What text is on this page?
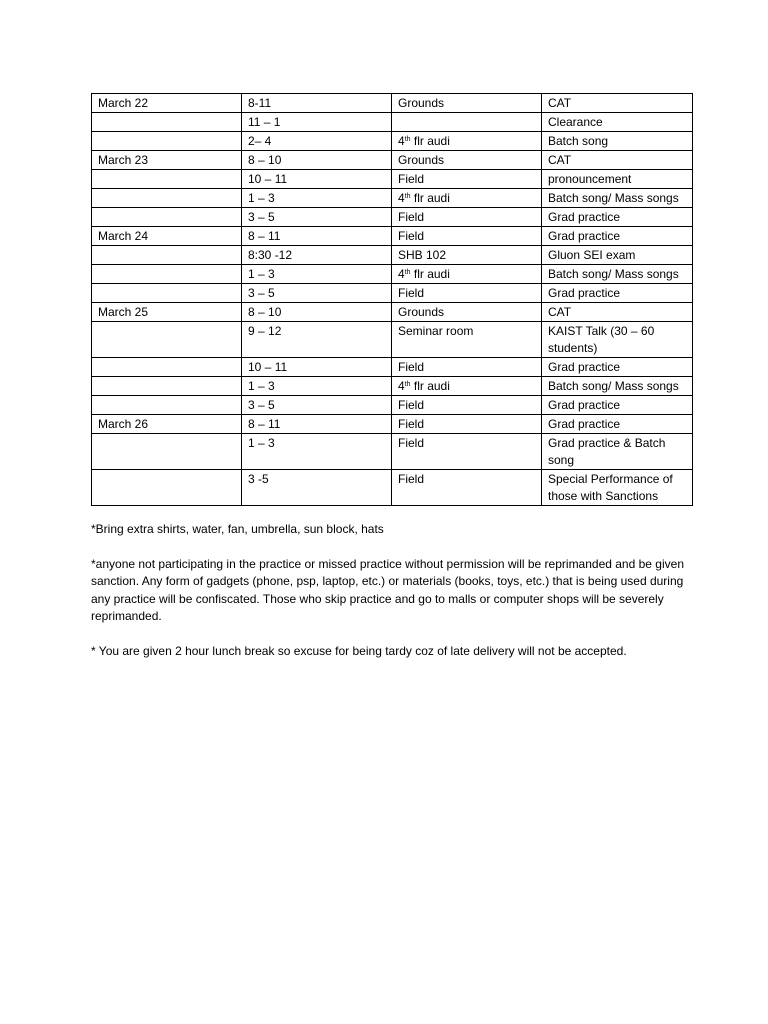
March 22	8-11	Grounds	CAT
	11 – 1		Clearance
	2– 4	4th flr audi	Batch song
March 23	8 – 10	Grounds	CAT
	10 – 11	Field	pronouncement
	1 – 3	4th flr audi	Batch song/ Mass songs
	3 – 5	Field	Grad practice
March 24	8 – 11	Field	Grad practice
	8:30 -12	SHB 102	Gluon SEI exam
	1 – 3	4th flr audi	Batch song/ Mass songs
	3 – 5	Field	Grad practice
March 25	8 – 10	Grounds	CAT
	9 – 12	Seminar room	KAIST Talk (30 – 60 students)
	10 – 11	Field	Grad practice
	1 – 3	4th flr audi	Batch song/ Mass songs
	3 – 5	Field	Grad practice
March 26	8 – 11	Field	Grad practice
	1 – 3	Field	Grad practice & Batch song
	3 -5	Field	Special Performance of those with Sanctions

*Bring extra shirts, water, fan, umbrella, sun block, hats

*anyone not participating in the practice or missed practice without permission will be reprimanded and be given sanction. Any form of gadgets (phone, psp, laptop, etc.) or materials (books, toys, etc.) that is being used during any practice will be confiscated. Those who skip practice and go to malls or computer shops will be severely reprimanded.

* You are given 2 hour lunch break so excuse for being tardy coz of late delivery will not be accepted.
